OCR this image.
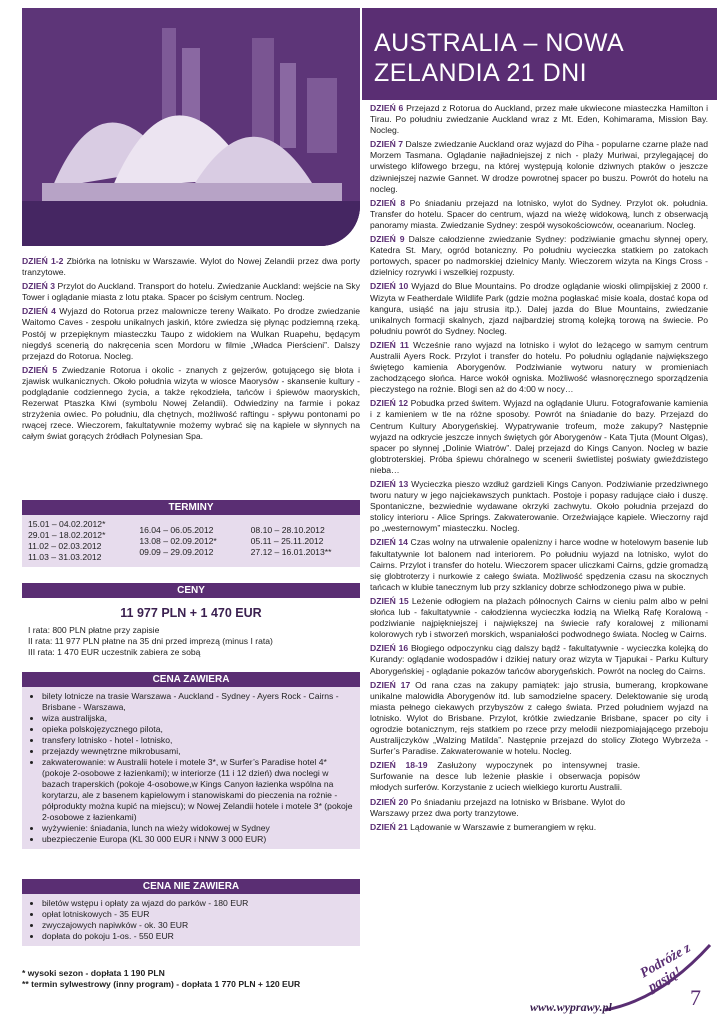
AUSTRALIA – NOWA
ZELANDIA 21 DNI

DZIEŃ 1-2 Zbiórka na lotnisku w Warszawie. Wylot do Nowej Zelandii przez dwa porty tranzytowe.

DZIEŃ 3 Przylot do Auckland. Transport do hotelu. Zwiedzanie Auckland: wejście na Sky Tower i oglądanie miasta z lotu ptaka. Spacer po ścisłym centrum. Nocleg.

DZIEŃ 4 Wyjazd do Rotorua przez malownicze tereny Waikato. Po drodze zwiedzanie Waitomo Caves - zespołu unikalnych jaskiń, które zwiedza się płynąc podziemną rzeką. Postój w przepięknym miasteczku Taupo z widokiem na Wulkan Ruapehu, będącym niegdyś scenerią do nakręcenia scen Mordoru w filmie „Władca Pierścieni”. Dalszy przejazd do Rotorua. Nocleg.

DZIEŃ 5 Zwiedzanie Rotorua i okolic - znanych z gejzerów, gotującego się błota i zjawisk wulkanicznych. Około południa wizyta w wiosce Maorysów - skansenie kultury - podglądanie codziennego życia, a także rękodzieła, tańców i śpiewów maoryskich, Rezerwat Ptaszka Kiwi (symbolu Nowej Zelandii). Odwiedziny na farmie i pokaz strzyżenia owiec. Po południu, dla chętnych, możliwość raftingu - spływu pontonami po rwącej rzece. Wieczorem, fakultatywnie możemy wybrać się na kąpiele w słynnych na całym świat gorących źródłach Polynesian Spa.

TERMINY
15.01 – 04.02.2012*
29.01 – 18.02.2012*
11.02 – 02.03.2012
11.03 – 31.03.2012
16.04 – 06.05.2012
13.08 – 02.09.2012*
09.09 – 29.09.2012
08.10 – 28.10.2012
05.11 – 25.11.2012
27.12 – 16.01.2013**
CENY
11 977 PLN + 1 470 EUR
I rata: 800 PLN płatne przy zapisie
II rata: 11 977 PLN płatne na 35 dni przed imprezą (minus I rata)
III rata: 1 470 EUR uczestnik zabiera ze sobą
CENA ZAWIERA
• bilety lotnicze na trasie Warszawa - Auckland - Sydney - Ayers Rock - Cairns - Brisbane - Warszawa,
• wiza australijska,
• opieka polskojęzycznego pilota,
• transfery lotnisko - hotel - lotnisko,
• przejazdy wewnętrzne mikrobusami,
• zakwaterowanie: w Australii hotele i motele 3*, w Surfer’s Paradise hotel 4* (pokoje 2-osobowe z łazienkami); w interiorze (11 i 12 dzień) dwa noclegi w bazach traperskich (pokoje 4-osobowe,w Kings Canyon łazienka wspólna na korytarzu, ale z basenem kąpielowym i stanowiskami do pieczenia na rożnie - półprodukty można kupić na miejscu); w Nowej Zelandii hotele i motele 3* (pokoje 2-osobowe z łazienkami)
• wyżywienie: śniadania, lunch na wieży widokowej w Sydney
• ubezpieczenie Europa (KL 30 000 EUR i NNW 3 000 EUR)
CENA NIE ZAWIERA
• biletów wstępu i opłaty za wjazd do parków - 180 EUR
• opłat lotniskowych - 35 EUR
• zwyczajowych napiwków - ok. 30 EUR
• dopłata do pokoju 1-os. - 550 EUR
* wysoki sezon - dopłata 1 190 PLN
** termin sylwestrowy (inny program) - dopłata 1 770 PLN + 120 EUR

DZIEŃ 6 Przejazd z Rotorua do Auckland, przez małe ukwiecone miasteczka Hamilton i Tirau. Po południu zwiedzanie Auckland wraz z Mt. Eden, Kohimarama, Mission Bay. Nocleg.

DZIEŃ 7 Dalsze zwiedzanie Auckland oraz wyjazd do Piha - popularne czarne plaże nad Morzem Tasmana. Oglądanie najładniejszej z nich - plaży Muriwai, przylegającej do urwistego klifowego brzegu, na której występują kolonie dziwnych ptaków o jeszcze dziwniejszej nazwie Gannet. W drodze powrotnej spacer po buszu. Powrót do hotelu na nocleg.

DZIEŃ 8 Po śniadaniu przejazd na lotnisko, wylot do Sydney. Przylot ok. południa. Transfer do hotelu. Spacer do centrum, wjazd na wieżę widokową, lunch z obserwacją panoramy miasta. Zwiedzanie Sydney: zespół wysokościowców, oceanarium. Nocleg.

DZIEŃ 9 Dalsze całodzienne zwiedzanie Sydney: podziwianie gmachu słynnej opery, Katedra St. Mary, ogród botaniczny. Po południu wycieczka statkiem po zatokach portowych, spacer po nadmorskiej dzielnicy Manly. Wieczorem wizyta na Kings Cross - dzielnicy rozrywki i wszelkiej rozpusty.

DZIEŃ 10 Wyjazd do Blue Mountains. Po drodze oglądanie wioski olimpijskiej z 2000 r. Wizyta w Featherdale Wildlife Park (gdzie można pogłaskać misie koala, dostać kopa od kangura, usiąść na jaju strusia itp.). Dalej jazda do Blue Mountains, zwiedzanie unikalnych formacji skalnych, zjazd najbardziej stromą kolejką torową na świecie. Po południu powrót do Sydney. Nocleg.

DZIEŃ 11 Wcześnie rano wyjazd na lotnisko i wylot do leżącego w samym centrum Australii Ayers Rock. Przylot i transfer do hotelu. Po południu oglądanie największego świętego kamienia Aborygenów. Podziwianie wytworu natury w promieniach zachodzącego słońca. Harce wokół ogniska. Możliwość własnoręcznego sporządzenia pieczystego na rożnie. Blogi sen aż do 4:00 w nocy…

DZIEŃ 12 Pobudka przed świtem. Wyjazd na oglądanie Uluru. Fotografowanie kamienia i z kamieniem w tle na różne sposoby. Powrót na śniadanie do bazy. Przejazd do Centrum Kultury Aborygeńskiej. Wypatrywanie trofeum, może zakupy? Następnie wyjazd na odkrycie jeszcze innych świętych gór Aborygenów - Kata Tjuta (Mount Olgas), spacer po słynnej „Dolinie Wiatrów”. Dalej przejazd do Kings Canyon. Nocleg w bazie globtroterskiej. Próba śpiewu chóralnego w scenerii świetlistej poświaty gwieździstego nieba…

DZIEŃ 13 Wycieczka pieszo wzdłuż gardzieli Kings Canyon. Podziwianie przedziwnego tworu natury w jego najciekawszych punktach. Postoje i popasy radujące ciało i duszę. Spontaniczne, bezwiednie wydawane okrzyki zachwytu. Około południa przejazd do stolicy interioru - Alice Springs. Zakwaterowanie. Orzeźwiające kąpiele. Wieczorny rajd po „westernowym” miasteczku. Nocleg.

DZIEŃ 14 Czas wolny na utrwalenie opalenizny i harce wodne w hotelowym basenie lub fakultatywnie lot balonem nad interiorem. Po południu wyjazd na lotnisko, wylot do Cairns. Przylot i transfer do hotelu. Wieczorem spacer uliczkami Cairns, gdzie gromadzą się globtroterzy i nurkowie z całego świata. Możliwość spędzenia czasu na skocznych tańcach w klubie tanecznym lub przy szklanicy dobrze schłodzonego piwa w pubie.

DZIEŃ 15 Leżenie odłogiem na plażach północnych Cairns w cieniu palm albo w pełni słońca lub - fakultatywnie - całodzienna wycieczka łodzią na Wielką Rafę Koralową - podziwianie najpiękniejszej i największej na świecie rafy koralowej z milionami kolorowych ryb i stworzeń morskich, wspaniałości podwodnego świata. Nocleg w Cairns.

DZIEŃ 16 Błogiego odpoczynku ciąg dalszy bądź - fakultatywnie - wycieczka kolejką do Kurandy: oglądanie wodospadów i dzikiej natury oraz wizyta w Tjapukai - Parku Kultury Aborygeńskiej - oglądanie pokazów tańców aborygeńskich. Powrót na nocleg do Cairns.

DZIEŃ 17 Od rana czas na zakupy pamiątek: jajo strusia, bumerang, kropkowane unikalne malowidła Aborygenów itd. lub samodzielne spacery. Delektowanie się urodą miasta pełnego ciekawych przybyszów z całego świata. Przed południem wyjazd na lotnisko. Wylot do Brisbane. Przylot, krótkie zwiedzanie Brisbane, spacer po city i ogrodzie botanicznym, rejs statkiem po rzece przy melodii niezpomiajającego przeboju Australijczyków „Walzing Matilda”. Następnie przejazd do stolicy Złotego Wybrzeża - Surfer’s Paradise. Zakwaterowanie w hotelu. Nocleg.

DZIEŃ 18-19 Zasłużony wypoczynek po intensywnej trasie. Surfowanie na desce lub leżenie płaskie i obserwacja popisów młodych surferów. Korzystanie z uciech wielkiego kurortu Australii.

DZIEŃ 20 Po śniadaniu przejazd na lotnisko w Brisbane. Wylot do Warszawy przez dwa porty tranzytowe.

DZIEŃ 21 Lądowanie w Warszawie z bumerangiem w ręku.

Podróże z pasją!
www.wyprawy.pl	7
